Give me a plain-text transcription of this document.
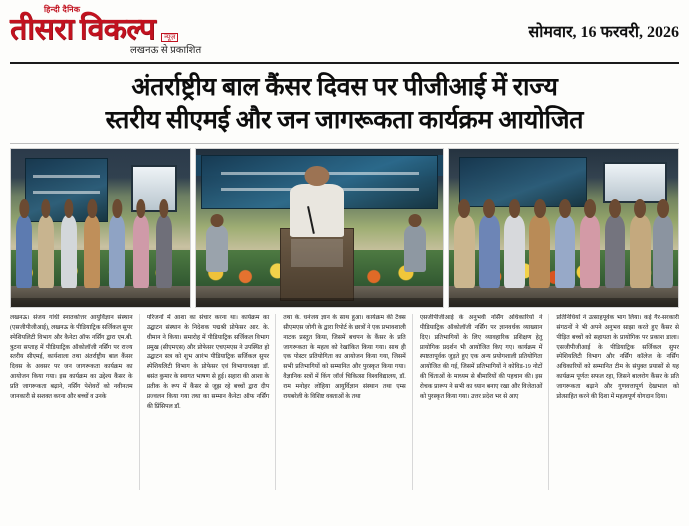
हिन्दी दैनिक
तीसरा विकल्प	न्यूज़
लखनऊ से प्रकाशित
सोमवार, 16 फरवरी, 2026
अंतर्राष्ट्रीय बाल कैंसर दिवस पर पीजीआई में राज्य
स्तरीय सीएमई और जन जागरूकता कार्यक्रम आयोजित

लखनऊ। संजय गांधी स्नातकोत्तर आयुर्विज्ञान संस्थान (एसजीपीजीआई), लखनऊ के पीडियाट्रिक सर्जिकल सुपर स्पेशियलिटी विभाग और कैनेटा ऑफ नर्सिंग द्वारा एम.बी. त्रुटना सप्ताह में पीडियाट्रिक ऑकोलॉजी नर्सिंग पर राज्य स्तरीय सीएमई, कार्यशाला तथा अंतर्राष्ट्रीय बाल कैंसर दिवस के अवसर पर जन जागरूकता कार्यक्रम का आयोजन किया गया। इस कार्यक्रम का उद्देश्य कैंसर के प्रति जागरूकता बढ़ाने, नर्सिंग पेशेवरों को नवीनतम जानकारी से सशक्त करना और बच्चों व उनके

परिजनों में आशा का संचार करना था। कार्यक्रम का उद्घाटन संस्थान के निदेशक पद्मश्री प्रोफेसर आर. के. धीमान ने किया। समारोह में पीडियाट्रिक सर्जिकल विभाग प्रमुख (सीएमएस) और प्रोफेसर एचएमएस ने उपस्थित हो उद्घाटन सत्र को शुभ आरंभ पीडियाट्रिक सर्जिकल सुपर स्पेशियलिटी विभाग के प्रोफेसर एवं विभागाध्यक्षा डॉ. बसंत कुमार के स्वागत भाषण से हुई। सहारा की आशा के प्रतीक के रूप में कैंसर से जूझ रहे बच्चों द्वारा दीप प्रज्वलन किया गया तथा का सम्मान कैनेटा ऑफ नर्सिंग की प्रिंसिपल डॉ.

तथा के. धनंजय ज्ञान के साथ हुआ। कार्यक्रम की टैक्स सीएमएस जोगी के द्वारा रिपोर्ट के छात्रों ने एक प्रभावशाली नाटक प्रस्तुत किया, जिसमें बचपन के कैंसर के प्रति जागरूकता के महत्व को रेखांकित किया गया। साथ ही एक पोस्टर प्रतियोगिता का आयोजन किया गया, जिसमें सभी प्रतिभागियों को सम्मानित और पुरस्कृत किया गया। वैज्ञानिक सत्रों में किंग जॉर्ज चिकित्सा विश्वविद्यालय, डॉ. राम मनोहर लोहिया आयुर्विज्ञान संस्थान तथा एम्स रायबरेली के विशिष्ट वक्ताओं के तथा

एसजीपीजीआई के अनुभवी नर्सिंग अधिकारियों ने पीडियाट्रिक ऑकोलॉजी नर्सिंग पर ज्ञानवर्धक व्याख्यान दिए। प्रतिभागियों के लिए व्यावहारिक प्रशिक्षण हेतु प्रायोगिक प्रदर्शन भी आयोजित किए गए। कार्यक्रम में स्पष्टतापूर्वक जुड़ते हुए एक अन्य प्रयोगशाली प्रतियोगिता आयोजित की गई, जिसमें प्रतिभागियों ने कोविड-19 नोटों की चिंताओं के माध्यम से बीमारियों की पहचान की। इस रोचक प्रारूप ने सभी का ध्यान बनाए रखा और विजेताओं को पुरस्कृत किया गया। उत्तर प्रदेश भर से आए

प्रतिनिधियों ने उत्साहपूर्वक भाग लिया। कई गैर-सरकारी संगठनों ने भी अपने अनुभव साझा करते हुए कैंसर से पीड़ित बच्चों को सहायता के प्रायोगिक पर प्रकाश डाला। एसजीपीजीआई के पीडियाट्रिक सर्जिकल सुपर स्पेशियलिटी विभाग और नर्सिंग कॉलेज के नर्सिंग अधिकारियों को सम्मानित टीम के संयुक्त प्रयासों से यह कार्यक्रम पूर्णतः सफल रहा, जिसने बालरोग कैंसर के प्रति जागरूकता बढ़ाने और गुणवत्तापूर्ण देखभाल को प्रोत्साहित करने की दिशा में महत्वपूर्ण योगदान दिया।
